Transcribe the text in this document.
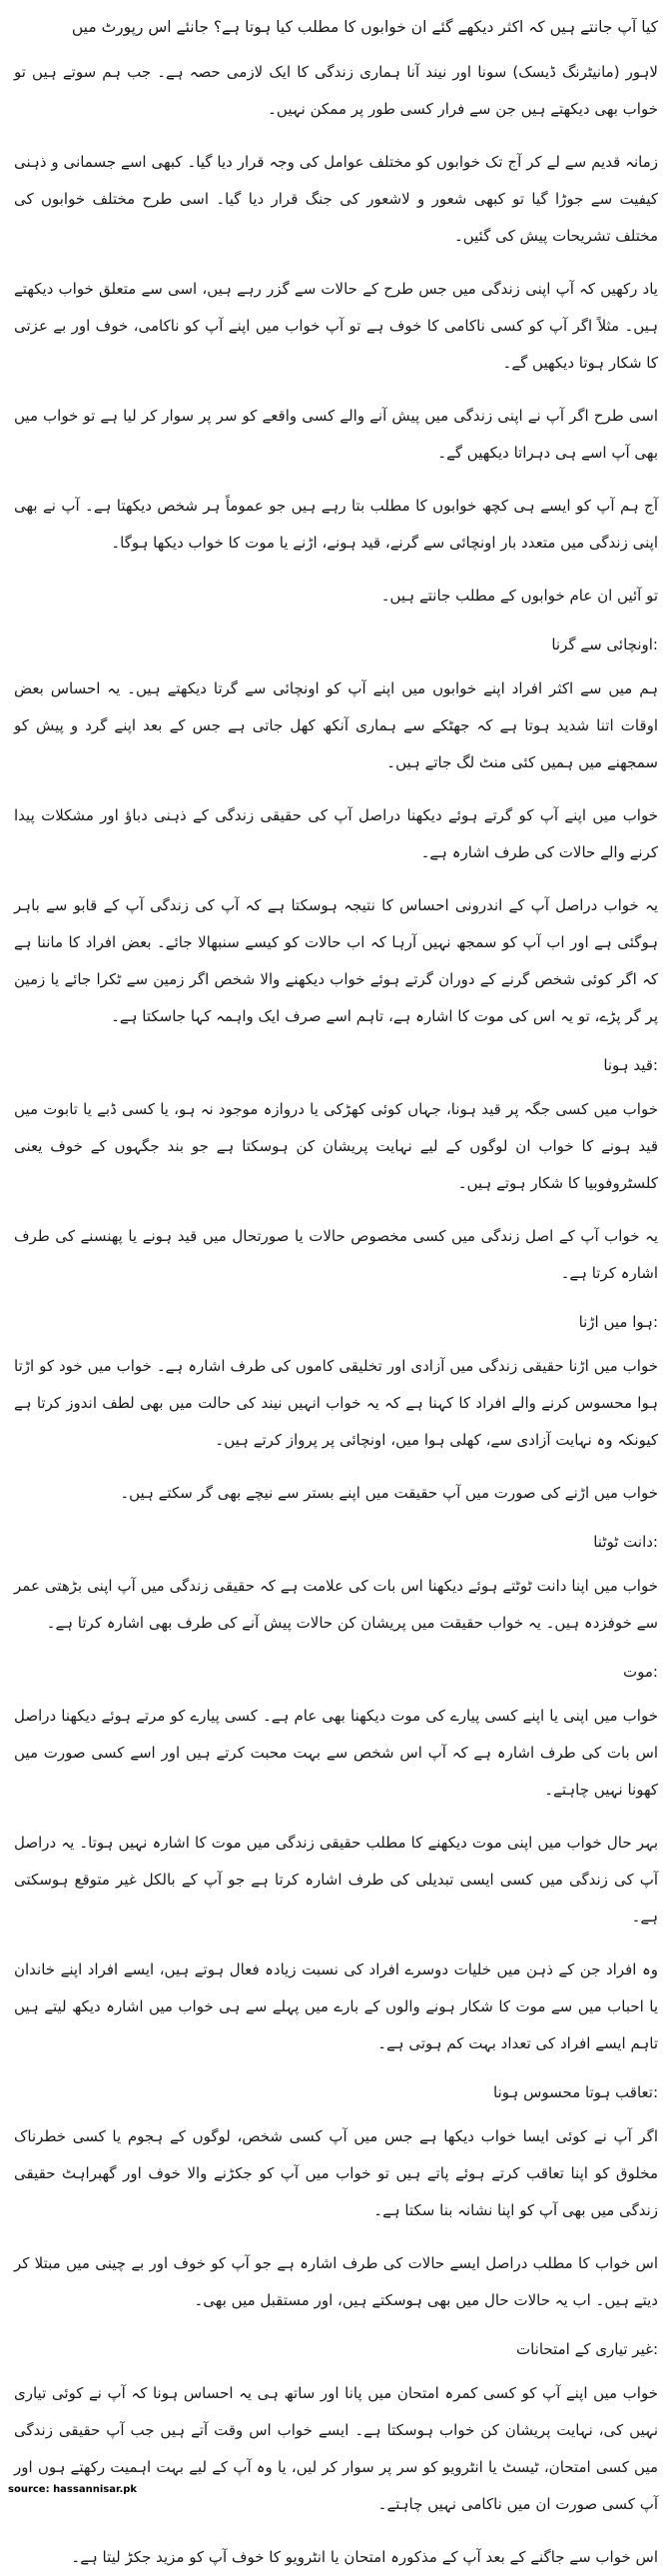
کیا آپ جانتے ہیں کہ اکثر دیکھے گئے ان خوابوں کا مطلب کیا ہوتا ہے؟ جانئے اس رپورٹ میں

لاہور (مانیٹرنگ ڈیسک) سونا اور نیند آنا ہماری زندگی کا ایک لازمی حصہ ہے۔ جب ہم سوتے ہیں تو خواب بھی دیکھتے ہیں جن سے فرار کسی طور پر ممکن نہیں۔

زمانہ قدیم سے لے کر آج تک خوابوں کو مختلف عوامل کی وجہ قرار دیا گیا۔ کبھی اسے جسمانی و ذہنی کیفیت سے جوڑا گیا تو کبھی شعور و لاشعور کی جنگ قرار دیا گیا۔ اسی طرح مختلف خوابوں کی مختلف تشریحات پیش کی گئیں۔

یاد رکھیں کہ آپ اپنی زندگی میں جس طرح کے حالات سے گزر رہے ہیں، اسی سے متعلق خواب دیکھتے ہیں۔ مثلاً اگر آپ کو کسی ناکامی کا خوف ہے تو آپ خواب میں اپنے آپ کو ناکامی، خوف اور بے عزتی کا شکار ہوتا دیکھیں گے۔

اسی طرح اگر آپ نے اپنی زندگی میں پیش آنے والے کسی واقعے کو سر پر سوار کر لیا ہے تو خواب میں بھی آپ اسے ہی دہراتا دیکھیں گے۔

آج ہم آپ کو ایسے ہی کچھ خوابوں کا مطلب بتا رہے ہیں جو عموماً ہر شخص دیکھتا ہے۔ آپ نے بھی اپنی زندگی میں متعدد بار اونچائی سے گرنے، قید ہونے، اڑنے یا موت کا خواب دیکھا ہوگا۔

تو آئیں ان عام خوابوں کے مطلب جانتے ہیں۔

:اونچائی سے گرنا

ہم میں سے اکثر افراد اپنے خوابوں میں اپنے آپ کو اونچائی سے گرتا دیکھتے ہیں۔ یہ احساس بعض اوقات اتنا شدید ہوتا ہے کہ جھٹکے سے ہماری آنکھ کھل جاتی ہے جس کے بعد اپنے گرد و پیش کو سمجھنے میں ہمیں کئی منٹ لگ جاتے ہیں۔

خواب میں اپنے آپ کو گرتے ہوئے دیکھنا دراصل آپ کی حقیقی زندگی کے ذہنی دباؤ اور مشکلات پیدا کرنے والے حالات کی طرف اشارہ ہے۔

یہ خواب دراصل آپ کے اندرونی احساس کا نتیجہ ہوسکتا ہے کہ آپ کی زندگی آپ کے قابو سے باہر ہوگئی ہے اور اب آپ کو سمجھ نہیں آرہا کہ اب حالات کو کیسے سنبھالا جائے۔ بعض افراد کا ماننا ہے کہ اگر کوئی شخص گرنے کے دوران گرتے ہوئے خواب دیکھنے والا شخص اگر زمین سے ٹکرا جائے یا زمین پر گر پڑے، تو یہ اس کی موت کا اشارہ ہے، تاہم اسے صرف ایک واہمہ کہا جاسکتا ہے۔

:قید ہونا

خواب میں کسی جگہ پر قید ہونا، جہاں کوئی کھڑکی یا دروازہ موجود نہ ہو، یا کسی ڈبے یا تابوت میں قید ہونے کا خواب ان لوگوں کے لیے نہایت پریشان کن ہوسکتا ہے جو بند جگہوں کے خوف یعنی کلسٹروفوبیا کا شکار ہوتے ہیں۔

یہ خواب آپ کے اصل زندگی میں کسی مخصوص حالات یا صورتحال میں قید ہونے یا پھنسنے کی طرف اشارہ کرتا ہے۔

:ہوا میں اڑنا

خواب میں اڑنا حقیقی زندگی میں آزادی اور تخلیقی کاموں کی طرف اشارہ ہے۔ خواب میں خود کو اڑتا ہوا محسوس کرنے والے افراد کا کہنا ہے کہ یہ خواب انہیں نیند کی حالت میں بھی لطف اندوز کرتا ہے کیونکہ وہ نہایت آزادی سے، کھلی ہوا میں، اونچائی پر پرواز کرتے ہیں۔

خواب میں اڑنے کی صورت میں آپ حقیقت میں اپنے بستر سے نیچے بھی گر سکتے ہیں۔

:دانت ٹوٹنا

خواب میں اپنا دانت ٹوٹتے ہوئے دیکھنا اس بات کی علامت ہے کہ حقیقی زندگی میں آپ اپنی بڑھتی عمر سے خوفزدہ ہیں۔ یہ خواب حقیقت میں پریشان کن حالات پیش آنے کی طرف بھی اشارہ کرتا ہے۔

:موت

خواب میں اپنی یا اپنے کسی پیارے کی موت دیکھنا بھی عام ہے۔ کسی پیارے کو مرتے ہوئے دیکھنا دراصل اس بات کی طرف اشارہ ہے کہ آپ اس شخص سے بہت محبت کرتے ہیں اور اسے کسی صورت میں کھونا نہیں چاہتے۔

بہر حال خواب میں اپنی موت دیکھنے کا مطلب حقیقی زندگی میں موت کا اشارہ نہیں ہوتا۔ یہ دراصل آپ کی زندگی میں کسی ایسی تبدیلی کی طرف اشارہ کرتا ہے جو آپ کے بالکل غیر متوقع ہوسکتی ہے۔

وہ افراد جن کے ذہن میں خلیات دوسرے افراد کی نسبت زیادہ فعال ہوتے ہیں، ایسے افراد اپنے خاندان یا احباب میں سے موت کا شکار ہونے والوں کے بارے میں پہلے سے ہی خواب میں اشارہ دیکھ لیتے ہیں تاہم ایسے افراد کی تعداد بہت کم ہوتی ہے۔

:تعاقب ہوتا محسوس ہونا

اگر آپ نے کوئی ایسا خواب دیکھا ہے جس میں آپ کسی شخص، لوگوں کے ہجوم یا کسی خطرناک مخلوق کو اپنا تعاقب کرتے ہوئے پاتے ہیں تو خواب میں آپ کو جکڑنے والا خوف اور گھبراہٹ حقیقی زندگی میں بھی آپ کو اپنا نشانہ بنا سکتا ہے۔

اس خواب کا مطلب دراصل ایسے حالات کی طرف اشارہ ہے جو آپ کو خوف اور بے چینی میں مبتلا کر دیتے ہیں۔ اب یہ حالات حال میں بھی ہوسکتے ہیں، اور مستقبل میں بھی۔

:غیر تیاری کے امتحانات

خواب میں اپنے آپ کو کسی کمرہ امتحان میں پانا اور ساتھ ہی یہ احساس ہونا کہ آپ نے کوئی تیاری نہیں کی، نہایت پریشان کن خواب ہوسکتا ہے۔ ایسے خواب اس وقت آتے ہیں جب آپ حقیقی زندگی میں کسی امتحان، ٹیسٹ یا انٹرویو کو سر پر سوار کر لیں، یا وہ آپ کے لیے بہت اہمیت رکھتے ہوں اور آپ کسی صورت ان میں ناکامی نہیں چاہتے۔

اس خواب سے جاگنے کے بعد آپ کے مذکورہ امتحان یا انٹرویو کا خوف آپ کو مزید جکڑ لیتا ہے۔

source: hassannisar.pk
